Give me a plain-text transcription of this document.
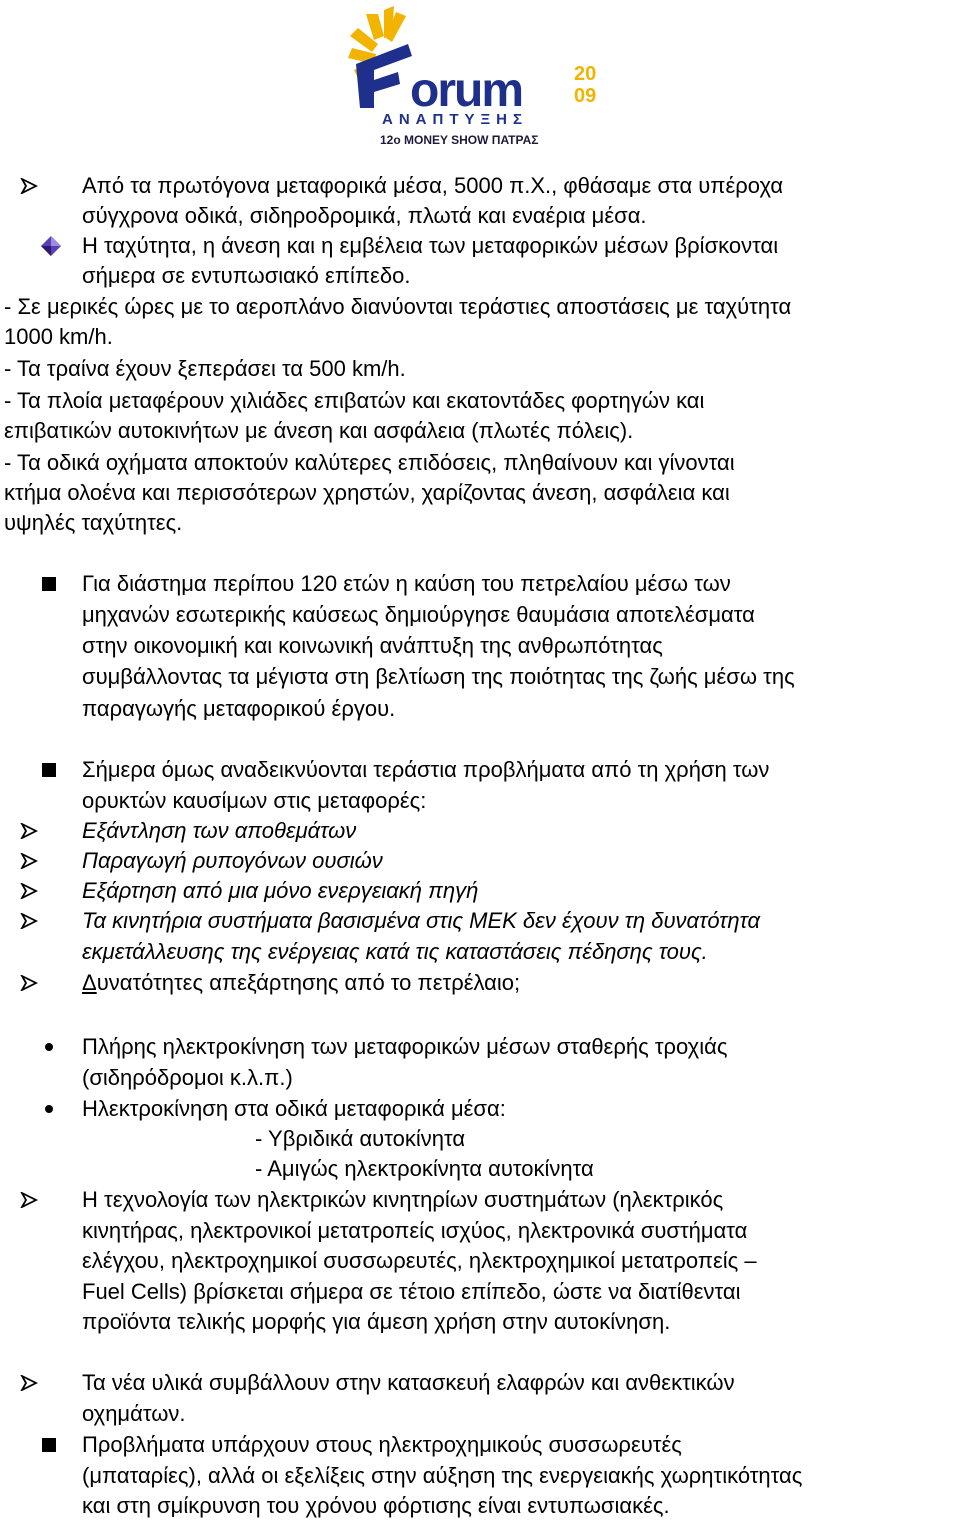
orum	20
09
ΑΝΑΠΤΥΞΗΣ
12ο MONEY SHOW ΠΑΤΡΑΣ
Από τα πρωτόγονα μεταφορικά μέσα, 5000 π.Χ., φθάσαμε στα υπέροχα
σύγχρονα οδικά, σιδηροδρομικά, πλωτά και εναέρια μέσα.
Η ταχύτητα, η άνεση και η εμβέλεια των μεταφορικών μέσων βρίσκονται
σήμερα σε εντυπωσιακό επίπεδο.
- Σε μερικές ώρες με το αεροπλάνο διανύονται τεράστιες αποστάσεις με ταχύτητα
1000 km/h.
- Τα τραίνα έχουν ξεπεράσει τα 500 km/h.
- Τα πλοία μεταφέρουν χιλιάδες επιβατών και εκατοντάδες φορτηγών και
επιβατικών αυτοκινήτων με άνεση και ασφάλεια (πλωτές πόλεις).
- Τα οδικά οχήματα αποκτούν καλύτερες επιδόσεις, πληθαίνουν και γίνονται
κτήμα ολοένα και περισσότερων χρηστών, χαρίζοντας άνεση, ασφάλεια και
υψηλές ταχύτητες.
Για διάστημα περίπου 120 ετών η καύση του πετρελαίου μέσω των
μηχανών εσωτερικής καύσεως δημιούργησε θαυμάσια αποτελέσματα
στην οικονομική και κοινωνική ανάπτυξη της ανθρωπότητας
συμβάλλοντας τα μέγιστα στη βελτίωση της ποιότητας της ζωής μέσω της
παραγωγής μεταφορικού έργου.
Σήμερα όμως αναδεικνύονται τεράστια προβλήματα από τη χρήση των
ορυκτών καυσίμων στις μεταφορές:
Εξάντληση των αποθεμάτων
Παραγωγή ρυπογόνων ουσιών
Εξάρτηση από μια μόνο ενεργειακή πηγή
Τα κινητήρια συστήματα βασισμένα στις ΜΕΚ δεν έχουν τη δυνατότητα
εκμετάλλευσης της ενέργειας κατά τις καταστάσεις πέδησης τους.
Δυνατότητες απεξάρτησης από το πετρέλαιο;
Πλήρης ηλεκτροκίνηση των μεταφορικών μέσων σταθερής τροχιάς
(σιδηρόδρομοι κ.λ.π.)
Ηλεκτροκίνηση στα οδικά μεταφορικά μέσα:
- Υβριδικά αυτοκίνητα
- Αμιγώς ηλεκτροκίνητα αυτοκίνητα
Η τεχνολογία των ηλεκτρικών κινητηρίων συστημάτων (ηλεκτρικός
κινητήρας, ηλεκτρονικοί μετατροπείς ισχύος, ηλεκτρονικά συστήματα
ελέγχου, ηλεκτροχημικοί συσσωρευτές, ηλεκτροχημικοί μετατροπείς –
Fuel Cells) βρίσκεται σήμερα σε τέτοιο επίπεδο, ώστε να διατίθενται
προϊόντα τελικής μορφής για άμεση χρήση στην αυτοκίνηση.
Τα νέα υλικά συμβάλλουν στην κατασκευή ελαφρών και ανθεκτικών
οχημάτων.
Προβλήματα υπάρχουν στους ηλεκτροχημικούς συσσωρευτές
(μπαταρίες), αλλά οι εξελίξεις στην αύξηση της ενεργειακής χωρητικότητας
και στη σμίκρυνση του χρόνου φόρτισης είναι εντυπωσιακές.
